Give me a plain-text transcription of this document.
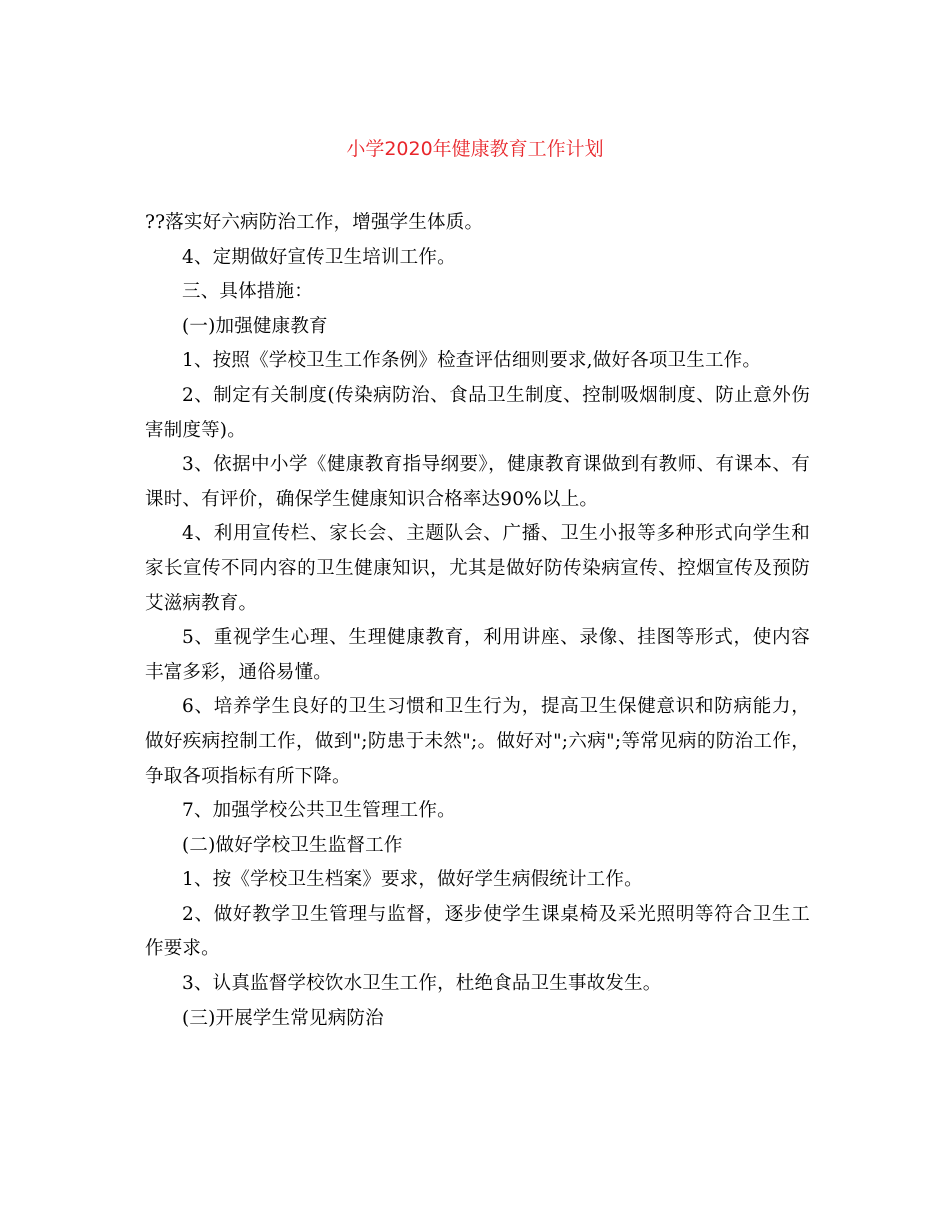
小学2020年健康教育工作计划

??落实好六病防治工作，增强学生体质。

4、定期做好宣传卫生培训工作。

三、具体措施：

(一)加强健康教育

1、按照《学校卫生工作条例》检查评估细则要求,做好各项卫生工作。

2、制定有关制度(传染病防治、食品卫生制度、控制吸烟制度、防止意外伤害制度等)。

3、依据中小学《健康教育指导纲要》，健康教育课做到有教师、有课本、有课时、有评价，确保学生健康知识合格率达90%以上。

4、利用宣传栏、家长会、主题队会、广播、卫生小报等多种形式向学生和家长宣传不同内容的卫生健康知识，尤其是做好防传染病宣传、控烟宣传及预防艾滋病教育。

5、重视学生心理、生理健康教育，利用讲座、录像、挂图等形式，使内容丰富多彩，通俗易懂。

6、培养学生良好的卫生习惯和卫生行为，提高卫生保健意识和防病能力，做好疾病控制工作，做到";防患于未然";。做好对";六病";等常见病的防治工作，争取各项指标有所下降。

7、加强学校公共卫生管理工作。

(二)做好学校卫生监督工作

1、按《学校卫生档案》要求，做好学生病假统计工作。

2、做好教学卫生管理与监督，逐步使学生课桌椅及采光照明等符合卫生工作要求。

3、认真监督学校饮水卫生工作，杜绝食品卫生事故发生。

(三)开展学生常见病防治
